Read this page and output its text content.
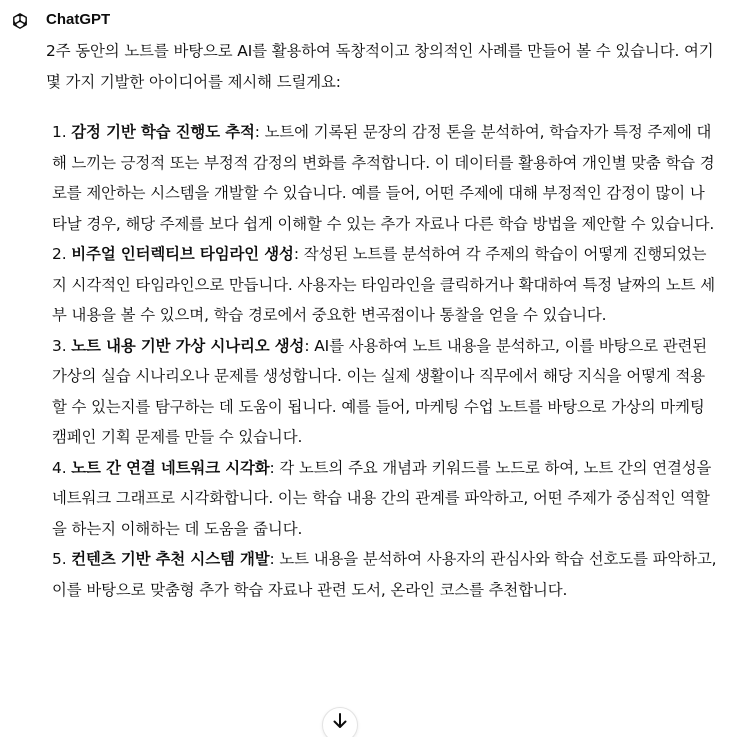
ChatGPT

2주 동안의 노트를 바탕으로 AI를 활용하여 독창적이고 창의적인 사례를 만들어 볼 수 있습니다. 여기 몇 가지 기발한 아이디어를 제시해 드릴게요:

1. 감정 기반 학습 진행도 추적: 노트에 기록된 문장의 감정 톤을 분석하여, 학습자가 특정 주제에 대해 느끼는 긍정적 또는 부정적 감정의 변화를 추적합니다. 이 데이터를 활용하여 개인별 맞춤 학습 경로를 제안하는 시스템을 개발할 수 있습니다. 예를 들어, 어떤 주제에 대해 부정적인 감정이 많이 나타날 경우, 해당 주제를 보다 쉽게 이해할 수 있는 추가 자료나 다른 학습 방법을 제안할 수 있습니다.
2. 비주얼 인터렉티브 타임라인 생성: 작성된 노트를 분석하여 각 주제의 학습이 어떻게 진행되었는지 시각적인 타임라인으로 만듭니다. 사용자는 타임라인을 클릭하거나 확대하여 특정 날짜의 노트 세부 내용을 볼 수 있으며, 학습 경로에서 중요한 변곡점이나 통찰을 얻을 수 있습니다.
3. 노트 내용 기반 가상 시나리오 생성: AI를 사용하여 노트 내용을 분석하고, 이를 바탕으로 관련된 가상의 실습 시나리오나 문제를 생성합니다. 이는 실제 생활이나 직무에서 해당 지식을 어떻게 적용할 수 있는지를 탐구하는 데 도움이 됩니다. 예를 들어, 마케팅 수업 노트를 바탕으로 가상의 마케팅 캠페인 기획 문제를 만들 수 있습니다.
4. 노트 간 연결 네트워크 시각화: 각 노트의 주요 개념과 키워드를 노드로 하여, 노트 간의 연결성을 네트워크 그래프로 시각화합니다. 이는 학습 내용 간의 관계를 파악하고, 어떤 주제가 중심적인 역할을 하는지 이해하는 데 도움을 줍니다.
5. 컨텐츠 기반 추천 시스템 개발: 노트 내용을 분석하여 사용자의 관심사와 학습 선호도를 파악하고, 이를 바탕으로 맞춤형 추가 학습 자료나 관련 도서, 온라인 코스를 추천합니다.
